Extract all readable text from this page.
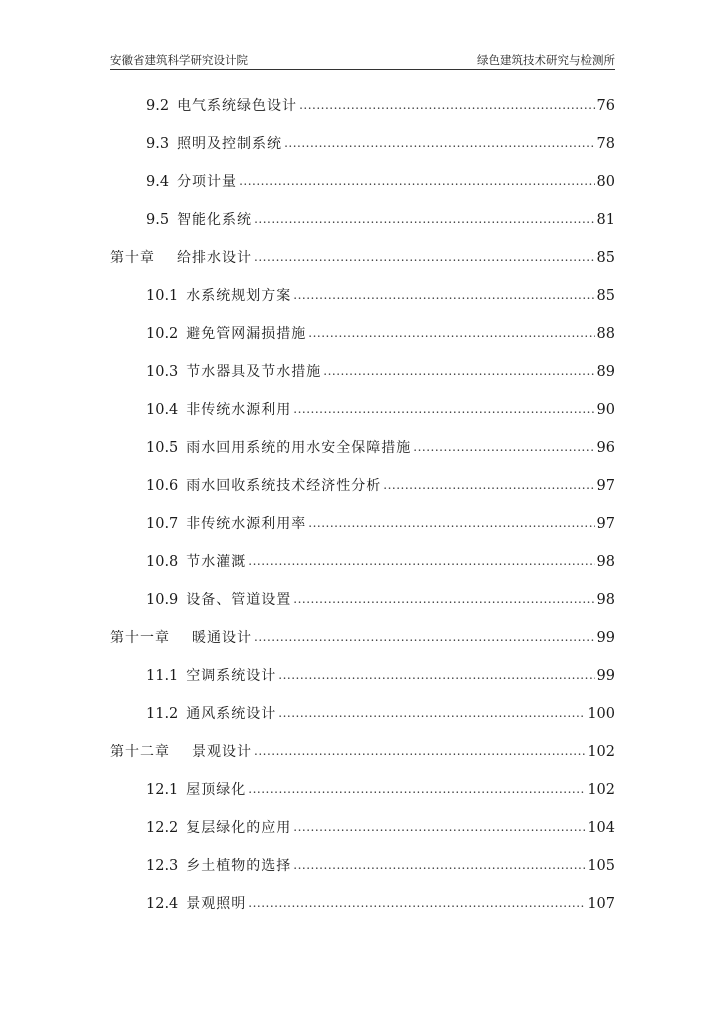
安徽省建筑科学研究设计院	绿色建筑技术研究与检测所
9.2 电气系统绿色设计 .....	76
9.3 照明及控制系统 .....	78
9.4 分项计量 .....	80
9.5 智能化系统 .....	81
第十章 给排水设计 .....	85
10.1 水系统规划方案 .....	85
10.2 避免管网漏损措施 .....	88
10.3 节水器具及节水措施 .....	89
10.4 非传统水源利用 .....	90
10.5 雨水回用系统的用水安全保障措施 .....	96
10.6 雨水回收系统技术经济性分析 .....	97
10.7 非传统水源利用率 .....	97
10.8 节水灌溉 .....	98
10.9 设备、管道设置 .....	98
第十一章 暖通设计 .....	99
11.1 空调系统设计 .....	99
11.2 通风系统设计 .....	100
第十二章 景观设计 .....	102
12.1 屋顶绿化 .....	102
12.2 复层绿化的应用 .....	104
12.3 乡土植物的选择 .....	105
12.4 景观照明 .....	107
